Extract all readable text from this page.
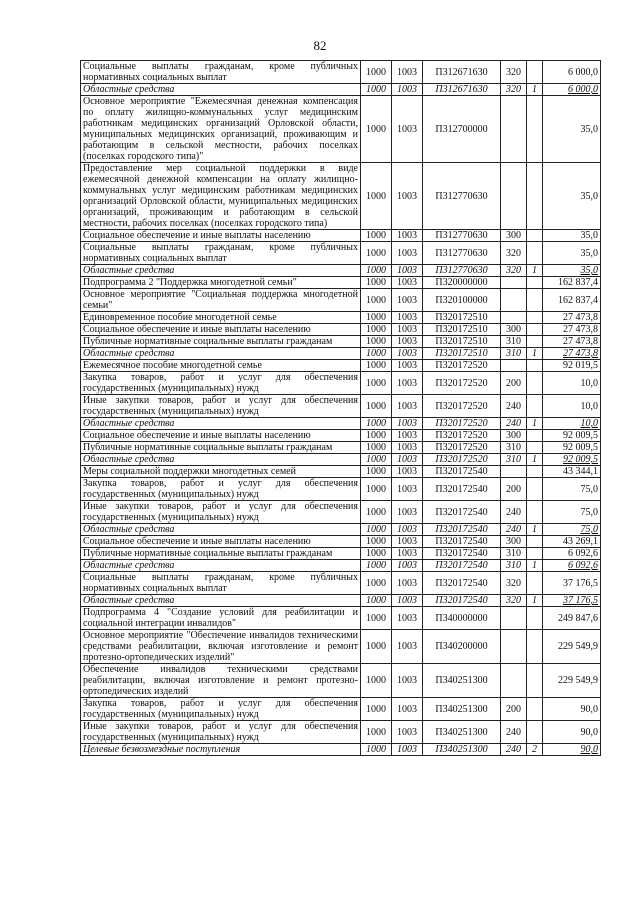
82
Социальные выплаты гражданам, кроме публичных нормативных социальных выплат	1000	1003	П312671630	320		6 000,0
Областные средства	1000	1003	П312671630	320	1	6 000,0
Основное мероприятие "Ежемесячная денежная компенсация по оплату жилищно-коммунальных услуг медицинским работникам медицинских организаций Орловской области, муниципальных медицинских организаций, проживающим и работающим в сельской местности, рабочих поселках (поселках городского типа)"	1000	1003	П312700000			35,0
Предоставление мер социальной поддержки в виде ежемесячной денежной компенсации на оплату жилищно-коммунальных услуг медицинским работникам медицинских организаций Орловской области, муниципальных медицинских организаций, проживающим и работающим в сельской местности, рабочих поселках (поселках городского типа)	1000	1003	П312770630			35,0
Социальное обеспечение и иные выплаты населению	1000	1003	П312770630	300		35,0
Социальные выплаты гражданам, кроме публичных нормативных социальных выплат	1000	1003	П312770630	320		35,0
Областные средства	1000	1003	П312770630	320	1	35,0
Подпрограмма 2 "Поддержка многодетной семьи"	1000	1003	П320000000			162 837,4
Основное мероприятие "Социальная поддержка многодетной семьи"	1000	1003	П320100000			162 837,4
Единовременное пособие многодетной семье	1000	1003	П320172510			27 473,8
Социальное обеспечение и иные выплаты населению	1000	1003	П320172510	300		27 473,8
Публичные нормативные социальные выплаты гражданам	1000	1003	П320172510	310		27 473,8
Областные средства	1000	1003	П320172510	310	1	27 473,8
Ежемесячное пособие многодетной семье	1000	1003	П320172520			92 019,5
Закупка товаров, работ и услуг для обеспечения государственных (муниципальных) нужд	1000	1003	П320172520	200		10,0
Иные закупки товаров, работ и услуг для обеспечения государственных (муниципальных) нужд	1000	1003	П320172520	240		10,0
Областные средства	1000	1003	П320172520	240	1	10,0
Социальное обеспечение и иные выплаты населению	1000	1003	П320172520	300		92 009,5
Публичные нормативные социальные выплаты гражданам	1000	1003	П320172520	310		92 009,5
Областные средства	1000	1003	П320172520	310	1	92 009,5
Меры социальной поддержки многодетных семей	1000	1003	П320172540			43 344,1
Закупка товаров, работ и услуг для обеспечения государственных (муниципальных) нужд	1000	1003	П320172540	200		75,0
Иные закупки товаров, работ и услуг для обеспечения государственных (муниципальных) нужд	1000	1003	П320172540	240		75,0
Областные средства	1000	1003	П320172540	240	1	75,0
Социальное обеспечение и иные выплаты населению	1000	1003	П320172540	300		43 269,1
Публичные нормативные социальные выплаты гражданам	1000	1003	П320172540	310		6 092,6
Областные средства	1000	1003	П320172540	310	1	6 092,6
Социальные выплаты гражданам, кроме публичных нормативных социальных выплат	1000	1003	П320172540	320		37 176,5
Областные средства	1000	1003	П320172540	320	1	37 176,5
Подпрограмма 4 "Создание условий для реабилитации и социальной интеграции инвалидов"	1000	1003	П340000000			249 847,6
Основное мероприятие "Обеспечение инвалидов техническими средствами реабилитации, включая изготовление и ремонт протезно-ортопедических изделий"	1000	1003	П340200000			229 549,9
Обеспечение инвалидов техническими средствами реабилитации, включая изготовление и ремонт протезно-ортопедических изделий	1000	1003	П340251300			229 549,9
Закупка товаров, работ и услуг для обеспечения государственных (муниципальных) нужд	1000	1003	П340251300	200		90,0
Иные закупки товаров, работ и услуг для обеспечения государственных (муниципальных) нужд	1000	1003	П340251300	240		90,0
Целевые безвозмездные поступления	1000	1003	П340251300	240	2	90,0
